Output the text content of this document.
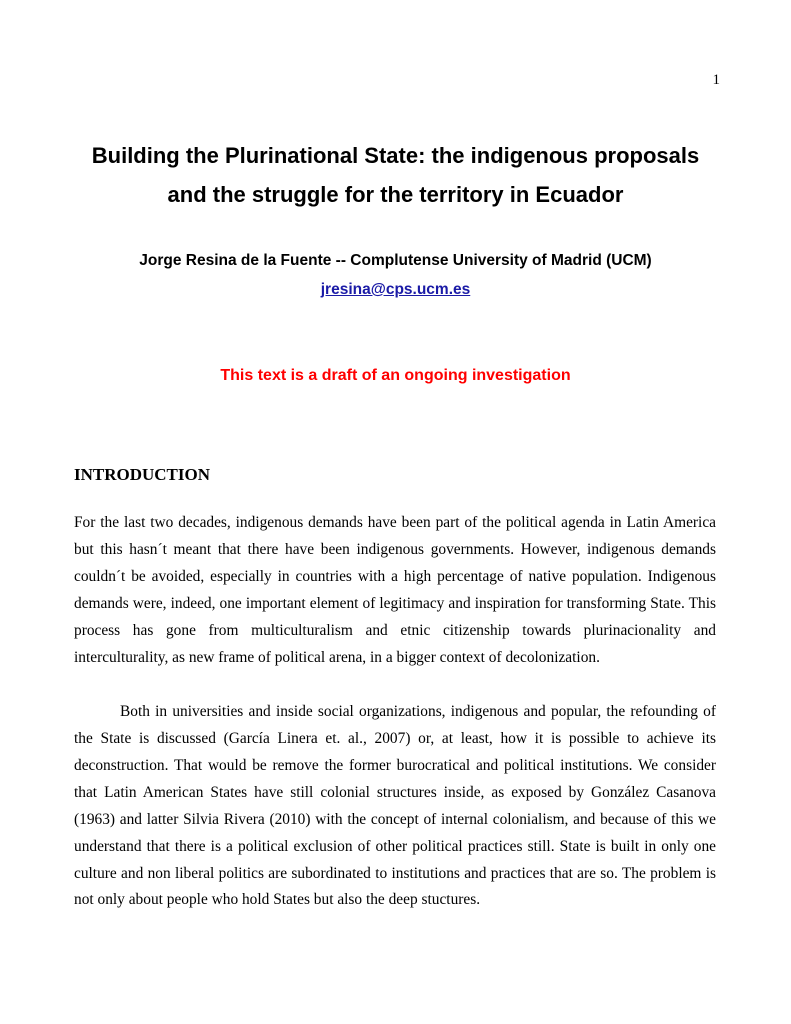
1
Building the Plurinational State: the indigenous proposals
and the struggle for the territory in Ecuador
Jorge Resina de la Fuente -- Complutense University of Madrid (UCM)
jresina@cps.ucm.es
This text is a draft of an ongoing investigation
INTRODUCTION
For the last two decades, indigenous demands have been part of the political agenda in Latin America
but this hasn´t meant that there have been indigenous governments. However, indigenous demands
couldn´t be avoided, especially in countries with a high percentage of native population. Indigenous
demands were, indeed, one important element of legitimacy and inspiration for transforming State. This
process has gone from multiculturalism and etnic citizenship towards plurinacionality and
interculturality, as new frame of political arena, in a bigger context of decolonization.
Both in universities and inside social organizations, indigenous and popular, the refounding of
the State is discussed (García Linera et. al., 2007) or, at least, how it is possible to achieve its
deconstruction. That would be remove the former burocratical and political institutions. We consider
that Latin American States have still colonial structures inside, as exposed by González Casanova
(1963) and latter Silvia Rivera (2010) with the concept of internal colonialism, and because of this we
understand that there is a political exclusion of other political practices still. State is built in only one
culture and non liberal politics are subordinated to institutions and practices that are so. The problem is
not only about people who hold States but also the deep stuctures.
